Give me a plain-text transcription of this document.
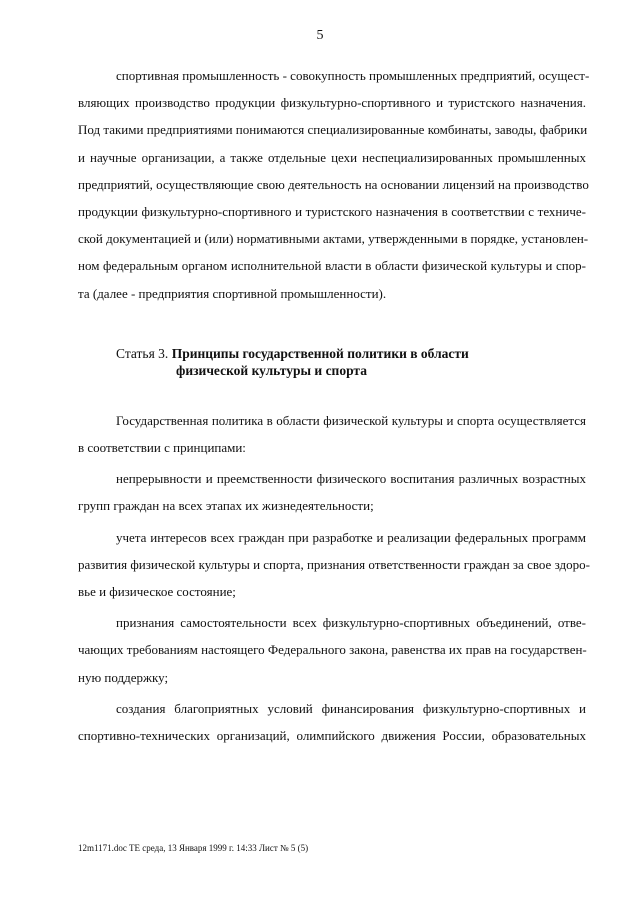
5

спортивная промышленность - совокупность промышленных предприятий, осущест-
вляющих производство продукции физкультурно-спортивного и туристского назначения.
Под такими предприятиями понимаются специализированные комбинаты, заводы, фабрики
и научные организации, а также отдельные цехи неспециализированных промышленных
предприятий, осуществляющие свою деятельность на основании лицензий на производство
продукции физкультурно-спортивного и туристского назначения в соответствии с техниче-
ской документацией и (или) нормативными актами, утвержденными в порядке, установлен-
ном федеральным органом исполнительной власти в области физической культуры и спор-
та (далее - предприятия спортивной промышленности).

Статья 3. Принципы государственной политики в области
физической культуры и спорта

Государственная политика в области физической культуры и спорта осуществляется
в соответствии с принципами:

непрерывности и преемственности физического воспитания различных возрастных
групп граждан на всех этапах их жизнедеятельности;

учета интересов всех граждан при разработке и реализации федеральных программ
развития физической культуры и спорта, признания ответственности граждан за свое здоро-
вье и физическое состояние;

признания самостоятельности всех физкультурно-спортивных объединений, отве-
чающих требованиям настоящего Федерального закона, равенства их прав на государствен-
ную поддержку;

создания благоприятных условий финансирования физкультурно-спортивных и
спортивно-технических организаций, олимпийского движения России, образовательных

12m1171.doc TE среда, 13 Января 1999 г. 14:33 Лист № 5 (5)
